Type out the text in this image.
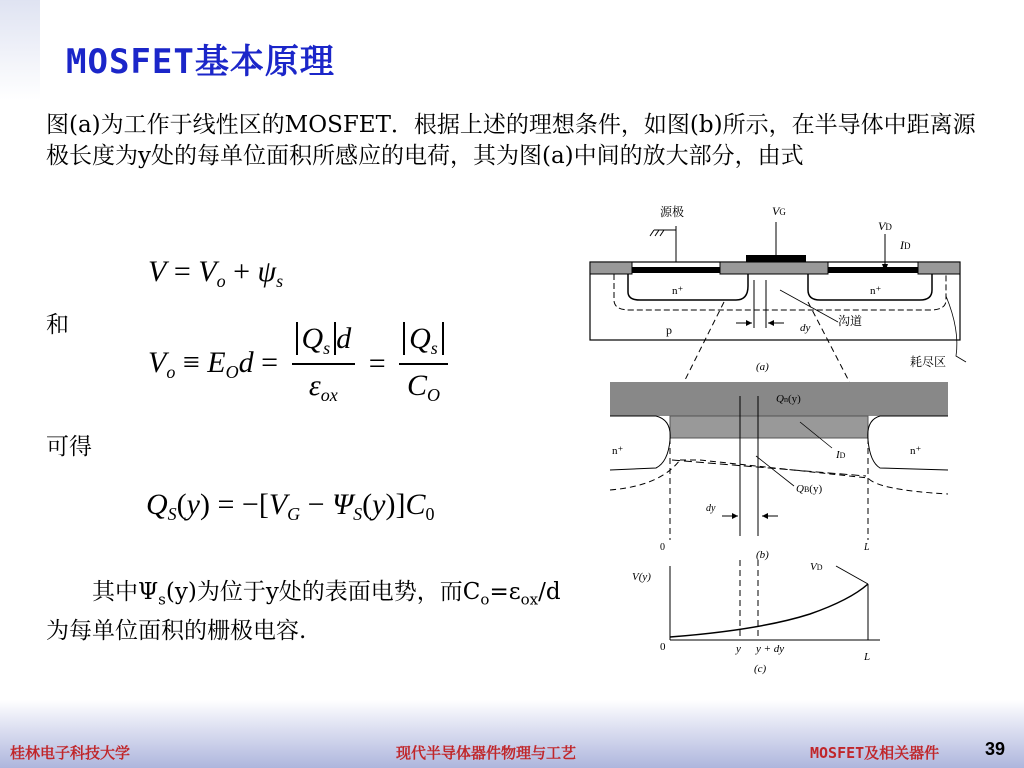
MOSFET基本原理
图(a)为工作于线性区的MOSFET．根据上述的理想条件，如图(b)所示，在半导体中距离源极长度为y处的每单位面积所感应的电荷，其为图(a)中间的放大部分，由式
$V = V_o + \psi_s$
和
$V_o \equiv E_Od = \frac{Q_s d}{\varepsilon_{ox}} = \frac{Q_s}{C_O}$
可得
$Q_S(y) = -[V_G - \Psi_S(y)]C_0$
其中$\Psi_s(y)$为位于y处的表面电势，而$C_o=\varepsilon_{ox}/d$为每单位面积的栅极电容.
源极	VG
VD
ID
n⁺	n⁺
p	dy 沟道
耗尽区
(a)
Qn(y)
n⁺	n⁺
ID
QB(y)
dy
0	L
(b)
V(y)
VD
0	y y + dy
L
(c)
桂林电子科技大学	现代半导体器件物理与工艺	MOSFET及相关器件	39
